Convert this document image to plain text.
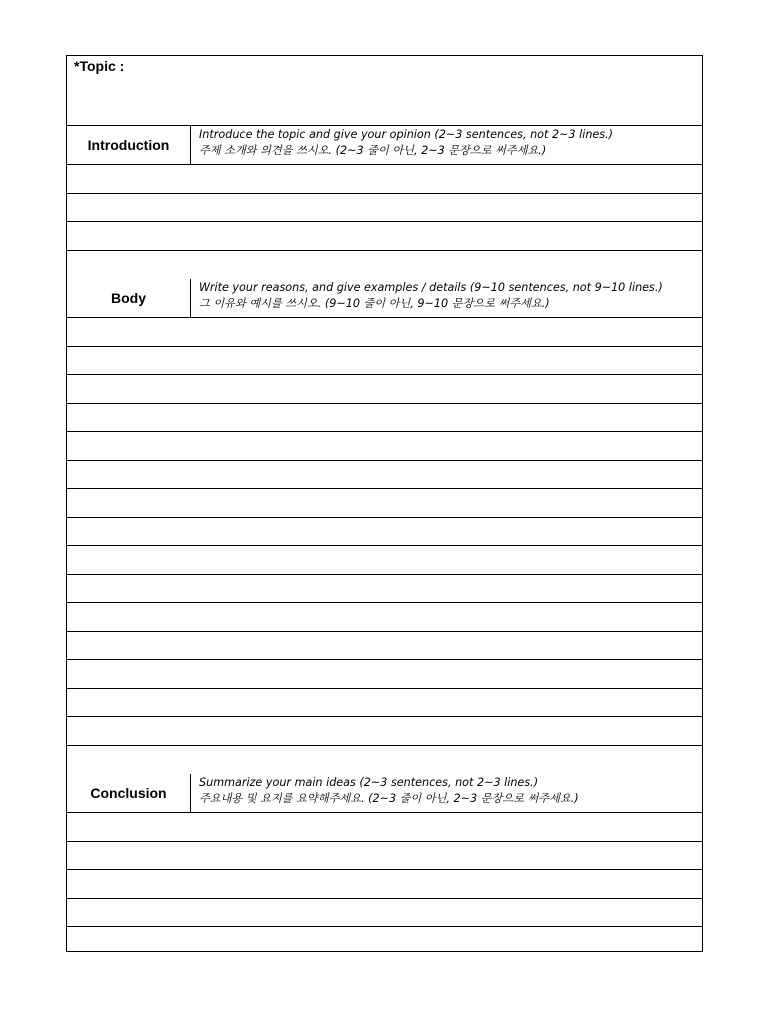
*Topic :
Introduction
Introduce the topic and give your opinion (2~3 sentences, not 2~3 lines.)
주제 소개와 의견을 쓰시오. (2~3 줄이 아닌, 2~3 문장으로 써주세요.)
Body
Write your reasons, and give examples / details (9~10 sentences, not 9~10 lines.)
그 이유와 예시를 쓰시오. (9~10 줄이 아닌, 9~10 문장으로 써주세요.)
Conclusion
Summarize your main ideas (2~3 sentences, not 2~3 lines.)
주요내용 및 요지를 요약해주세요. (2~3 줄이 아닌, 2~3 문장으로 써주세요.)
